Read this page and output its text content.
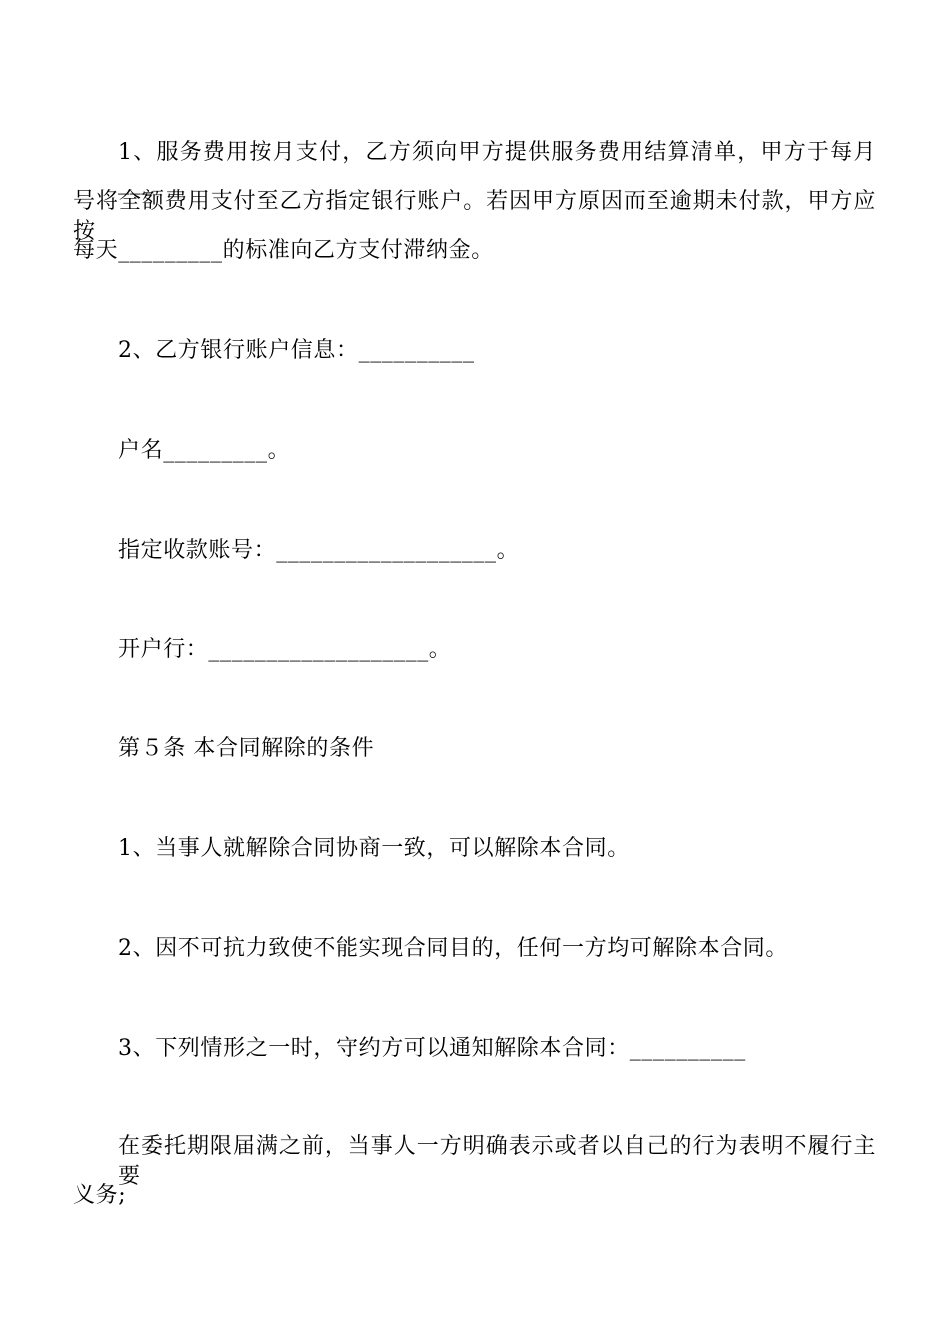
1、服务费用按月支付，乙方须向甲方提供服务费用结算清单，甲方于每月___
号将全额费用支付至乙方指定银行账户。若因甲方原因而至逾期未付款，甲方应按
每天_________的标准向乙方支付滞纳金。
2、乙方银行账户信息：__________
户名_________。
指定收款账号：___________________。
开户行：___________________。
第５条 本合同解除的条件
1、当事人就解除合同协商一致，可以解除本合同。
2、因不可抗力致使不能实现合同目的，任何一方均可解除本合同。
3、下列情形之一时，守约方可以通知解除本合同：__________
在委托期限届满之前，当事人一方明确表示或者以自己的行为表明不履行主要
义务;
